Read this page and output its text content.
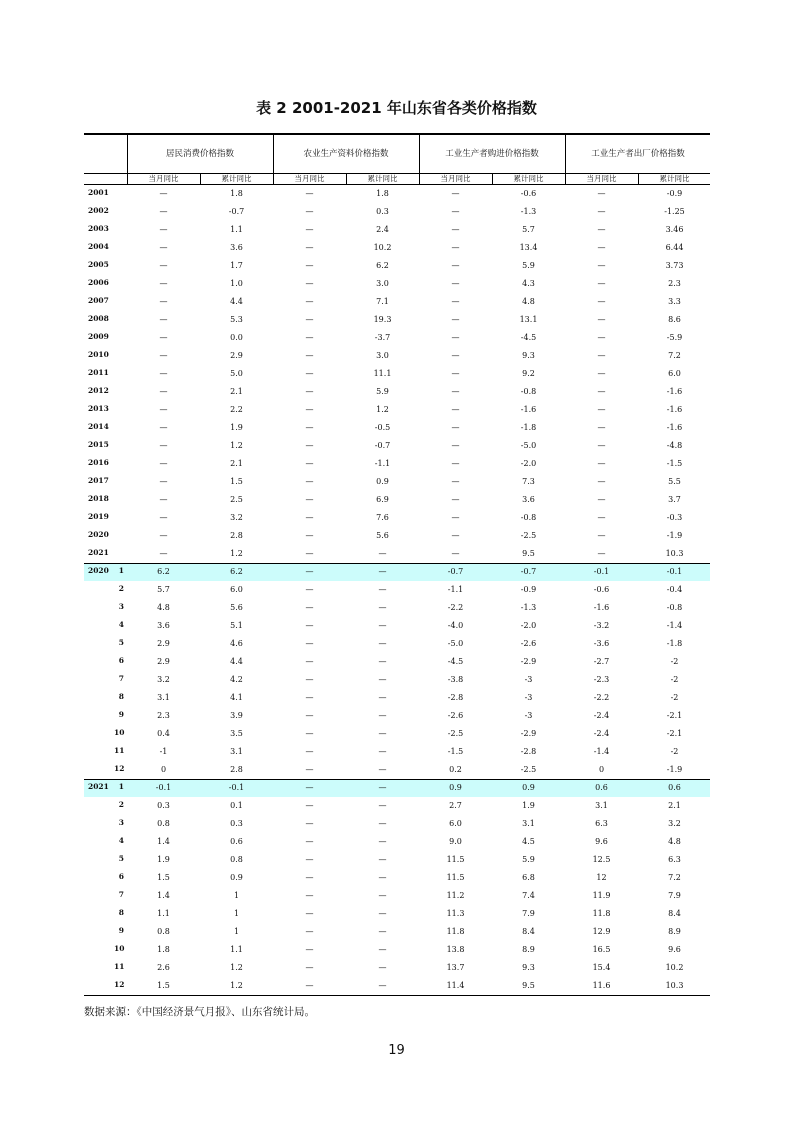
表 2 2001-2021 年山东省各类价格指数
居民消费价格指数	农业生产资料价格指数	工业生产者购进价格指数	工业生产者出厂价格指数
当月同比	累计同比	当月同比	累计同比	当月同比	累计同比	当月同比	累计同比
2001	—	1.8	—	1.8	—	-0.6	—	-0.9
2002	—	-0.7	—	0.3	—	-1.3	—	-1.25
2003	—	1.1	—	2.4	—	5.7	—	3.46
2004	—	3.6	—	10.2	—	13.4	—	6.44
2005	—	1.7	—	6.2	—	5.9	—	3.73
2006	—	1.0	—	3.0	—	4.3	—	2.3
2007	—	4.4	—	7.1	—	4.8	—	3.3
2008	—	5.3	—	19.3	—	13.1	—	8.6
2009	—	0.0	—	-3.7	—	-4.5	—	-5.9
2010	—	2.9	—	3.0	—	9.3	—	7.2
2011	—	5.0	—	11.1	—	9.2	—	6.0
2012	—	2.1	—	5.9	—	-0.8	—	-1.6
2013	—	2.2	—	1.2	—	-1.6	—	-1.6
2014	—	1.9	—	-0.5	—	-1.8	—	-1.6
2015	—	1.2	—	-0.7	—	-5.0	—	-4.8
2016	—	2.1	—	-1.1	—	-2.0	—	-1.5
2017	—	1.5	—	0.9	—	7.3	—	5.5
2018	—	2.5	—	6.9	—	3.6	—	3.7
2019	—	3.2	—	7.6	—	-0.8	—	-0.3
2020	—	2.8	—	5.6	—	-2.5	—	-1.9
2021	—	1.2	—	—	—	9.5	—	10.3
2020	1	6.2	6.2	—	—	-0.7	-0.7	-0.1	-0.1
2	5.7	6.0	—	—	-1.1	-0.9	-0.6	-0.4
3	4.8	5.6	—	—	-2.2	-1.3	-1.6	-0.8
4	3.6	5.1	—	—	-4.0	-2.0	-3.2	-1.4
5	2.9	4.6	—	—	-5.0	-2.6	-3.6	-1.8
6	2.9	4.4	—	—	-4.5	-2.9	-2.7	-2
7	3.2	4.2	—	—	-3.8	-3	-2.3	-2
8	3.1	4.1	—	—	-2.8	-3	-2.2	-2
9	2.3	3.9	—	—	-2.6	-3	-2.4	-2.1
10	0.4	3.5	—	—	-2.5	-2.9	-2.4	-2.1
11	-1	3.1	—	—	-1.5	-2.8	-1.4	-2
12	0	2.8	—	—	0.2	-2.5	0	-1.9
2021	1	-0.1	-0.1	—	—	0.9	0.9	0.6	0.6
2	0.3	0.1	—	—	2.7	1.9	3.1	2.1
3	0.8	0.3	—	—	6.0	3.1	6.3	3.2
4	1.4	0.6	—	—	9.0	4.5	9.6	4.8
5	1.9	0.8	—	—	11.5	5.9	12.5	6.3
6	1.5	0.9	—	—	11.5	6.8	12	7.2
7	1.4	1	—	—	11.2	7.4	11.9	7.9
8	1.1	1	—	—	11.3	7.9	11.8	8.4
9	0.8	1	—	—	11.8	8.4	12.9	8.9
10	1.8	1.1	—	—	13.8	8.9	16.5	9.6
11	2.6	1.2	—	—	13.7	9.3	15.4	10.2
12	1.5	1.2	—	—	11.4	9.5	11.6	10.3
数据来源：《中国经济景气月报》、山东省统计局。
19
